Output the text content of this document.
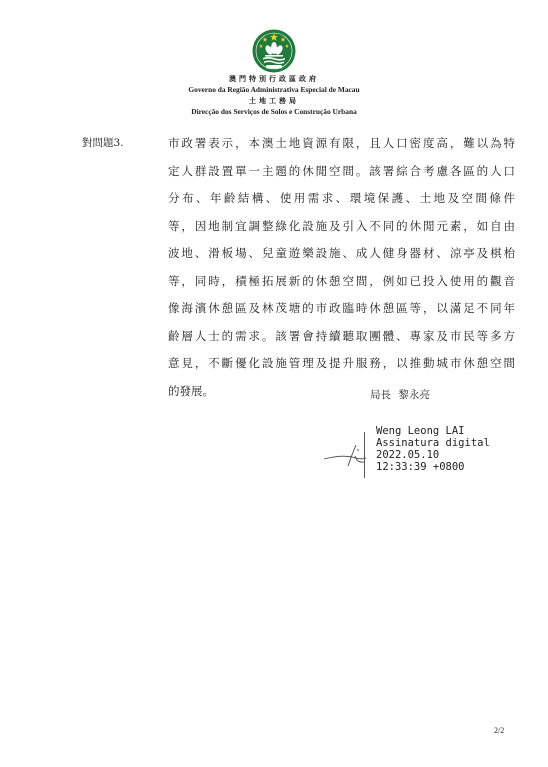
澳門特別行政區政府
Governo da Região Administrativa Especial de Macau
土地工務局
Direcção dos Serviços de Solos e Construção Urbana
對問題3.	市政署表示，本澳土地資源有限，且人口密度高，難以為特
定人群設置單一主題的休閒空間。該署綜合考慮各區的人口
分布、年齡結構、使用需求、環境保護、土地及空間條件
等，因地制宜調整綠化設施及引入不同的休閒元素，如自由
波地、滑板場、兒童遊樂設施、成人健身器材、涼亭及棋枱
等，同時，積極拓展新的休憩空間，例如已投入使用的觀音
像海濱休憩區及林茂塘的市政臨時休憩區等，以滿足不同年
齡層人士的需求。該署會持續聽取團體、專家及市民等多方
意見，不斷優化設施管理及提升服務，以推動城市休憩空間
的發展。	局長 黎永亮
Weng Leong LAI
Assinatura digital
2022.05.10
12:33:39 +0800
2/2
